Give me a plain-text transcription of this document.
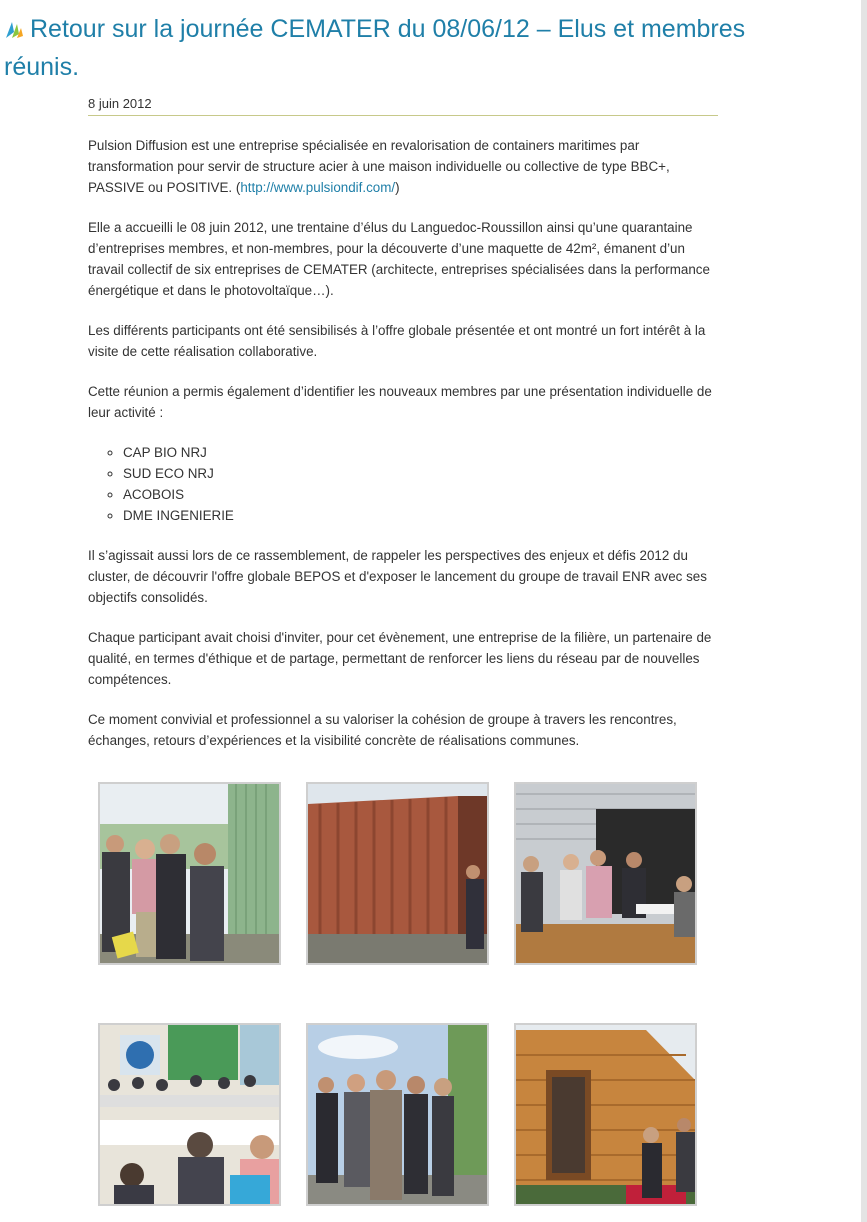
Retour sur la journée CEMATER du 08/06/12 – Elus et membres réunis.
8 juin 2012

Pulsion Diffusion est une entreprise spécialisée en revalorisation de containers maritimes par transformation pour servir de structure acier à une maison individuelle ou collective de type BBC+, PASSIVE ou POSITIVE. (http://www.pulsiondif.com/)

Elle a accueilli le 08 juin 2012, une trentaine d’élus du Languedoc-Roussillon ainsi qu’une quarantaine d’entreprises membres, et non-membres, pour la découverte d’une maquette de 42m², émanent d’un travail collectif de six entreprises de CEMATER (architecte, entreprises spécialisées dans la performance énergétique et dans le photovoltaïque…).

Les différents participants ont été sensibilisés à l’offre globale présentée et ont montré un fort intérêt à la visite de cette réalisation collaborative.

Cette réunion a permis également d’identifier les nouveaux membres par une présentation individuelle de leur activité :

◦ CAP BIO NRJ
◦ SUD ECO NRJ
◦ ACOBOIS
◦ DME INGENIERIE

Il s’agissait aussi lors de ce rassemblement, de rappeler les perspectives des enjeux et défis 2012 du cluster, de découvrir l'offre globale BEPOS et d'exposer le lancement du groupe de travail ENR avec ses objectifs consolidés.

Chaque participant avait choisi d'inviter, pour cet évènement, une entreprise de la filière, un partenaire de qualité, en termes d'éthique et de partage, permettant de renforcer les liens du réseau par de nouvelles compétences.

Ce moment convivial et professionnel a su valoriser la cohésion de groupe à travers les rencontres, échanges, retours d’expériences et la visibilité concrète de réalisations communes.
